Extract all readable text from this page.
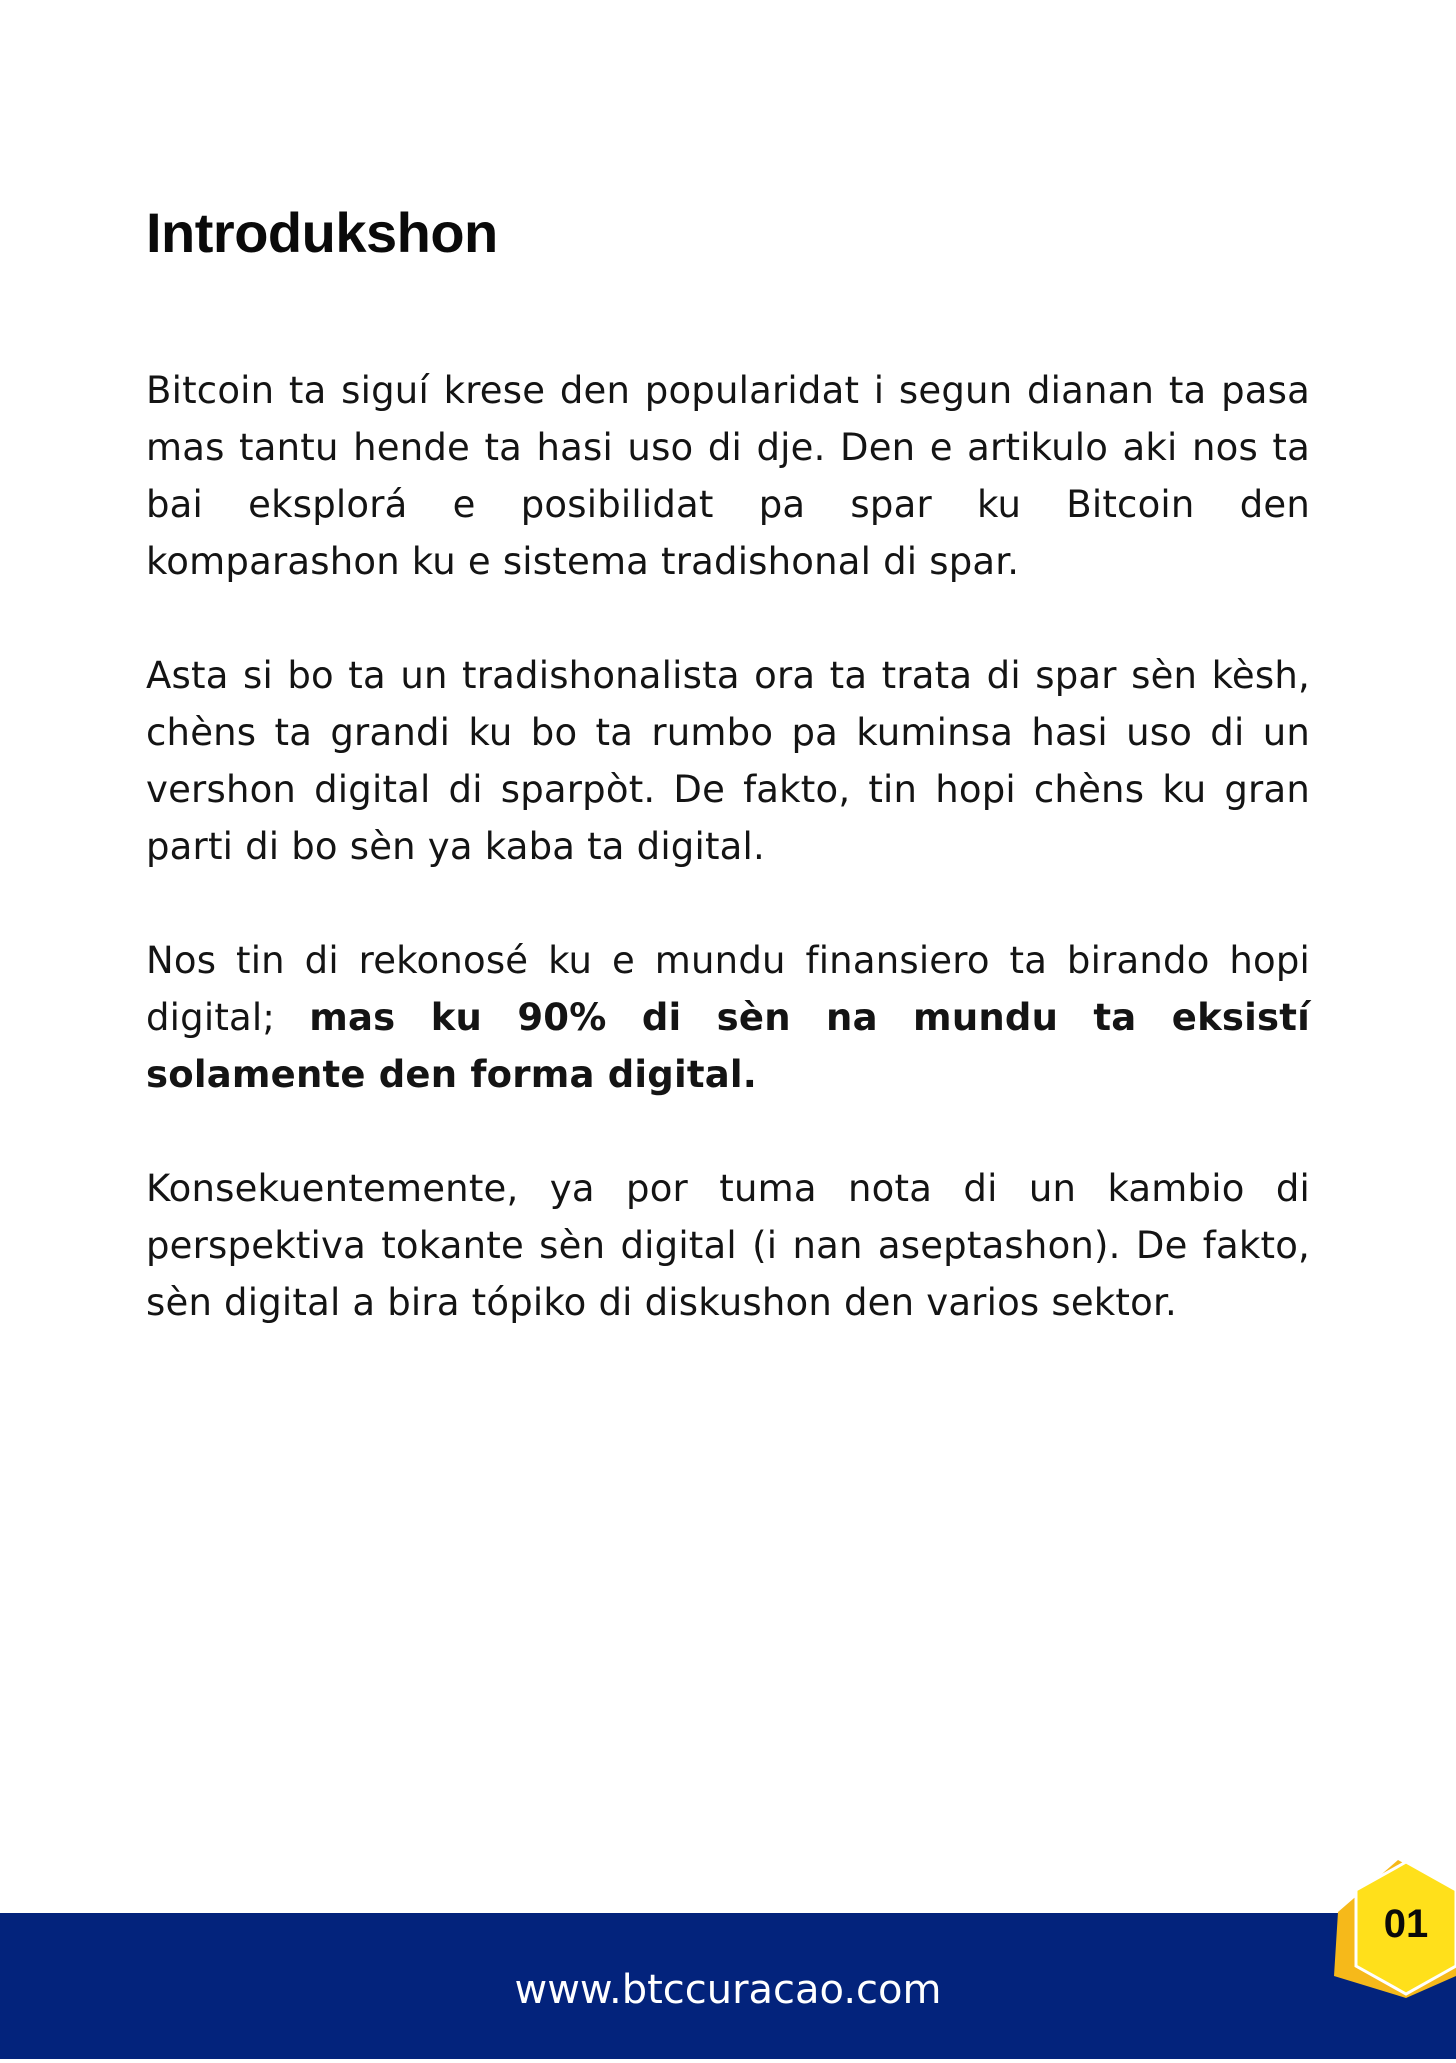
Introdukshon

Bitcoin ta siguí krese den popularidat i segun dianan ta pasa mas tantu hende ta hasi uso di dje. Den e artikulo aki nos ta bai eksplorá e posibilidat pa spar ku Bitcoin den komparashon ku e sistema tradishonal di spar.

Asta si bo ta un tradishonalista ora ta trata di spar sèn kèsh, chèns ta grandi ku bo ta rumbo pa kuminsa hasi uso di un vershon digital di sparpòt. De fakto, tin hopi chèns ku gran parti di bo sèn ya kaba ta digital.

Nos tin di rekonosé ku e mundu finansiero ta birando hopi digital; mas ku 90% di sèn na mundu ta eksistí solamente den forma digital.

Konsekuentemente, ya por tuma nota di un kambio di perspektiva tokante sèn digital (i nan aseptashon). De fakto, sèn digital a bira tópiko di diskushon den varios sektor.

www.btccuracao.com
01
